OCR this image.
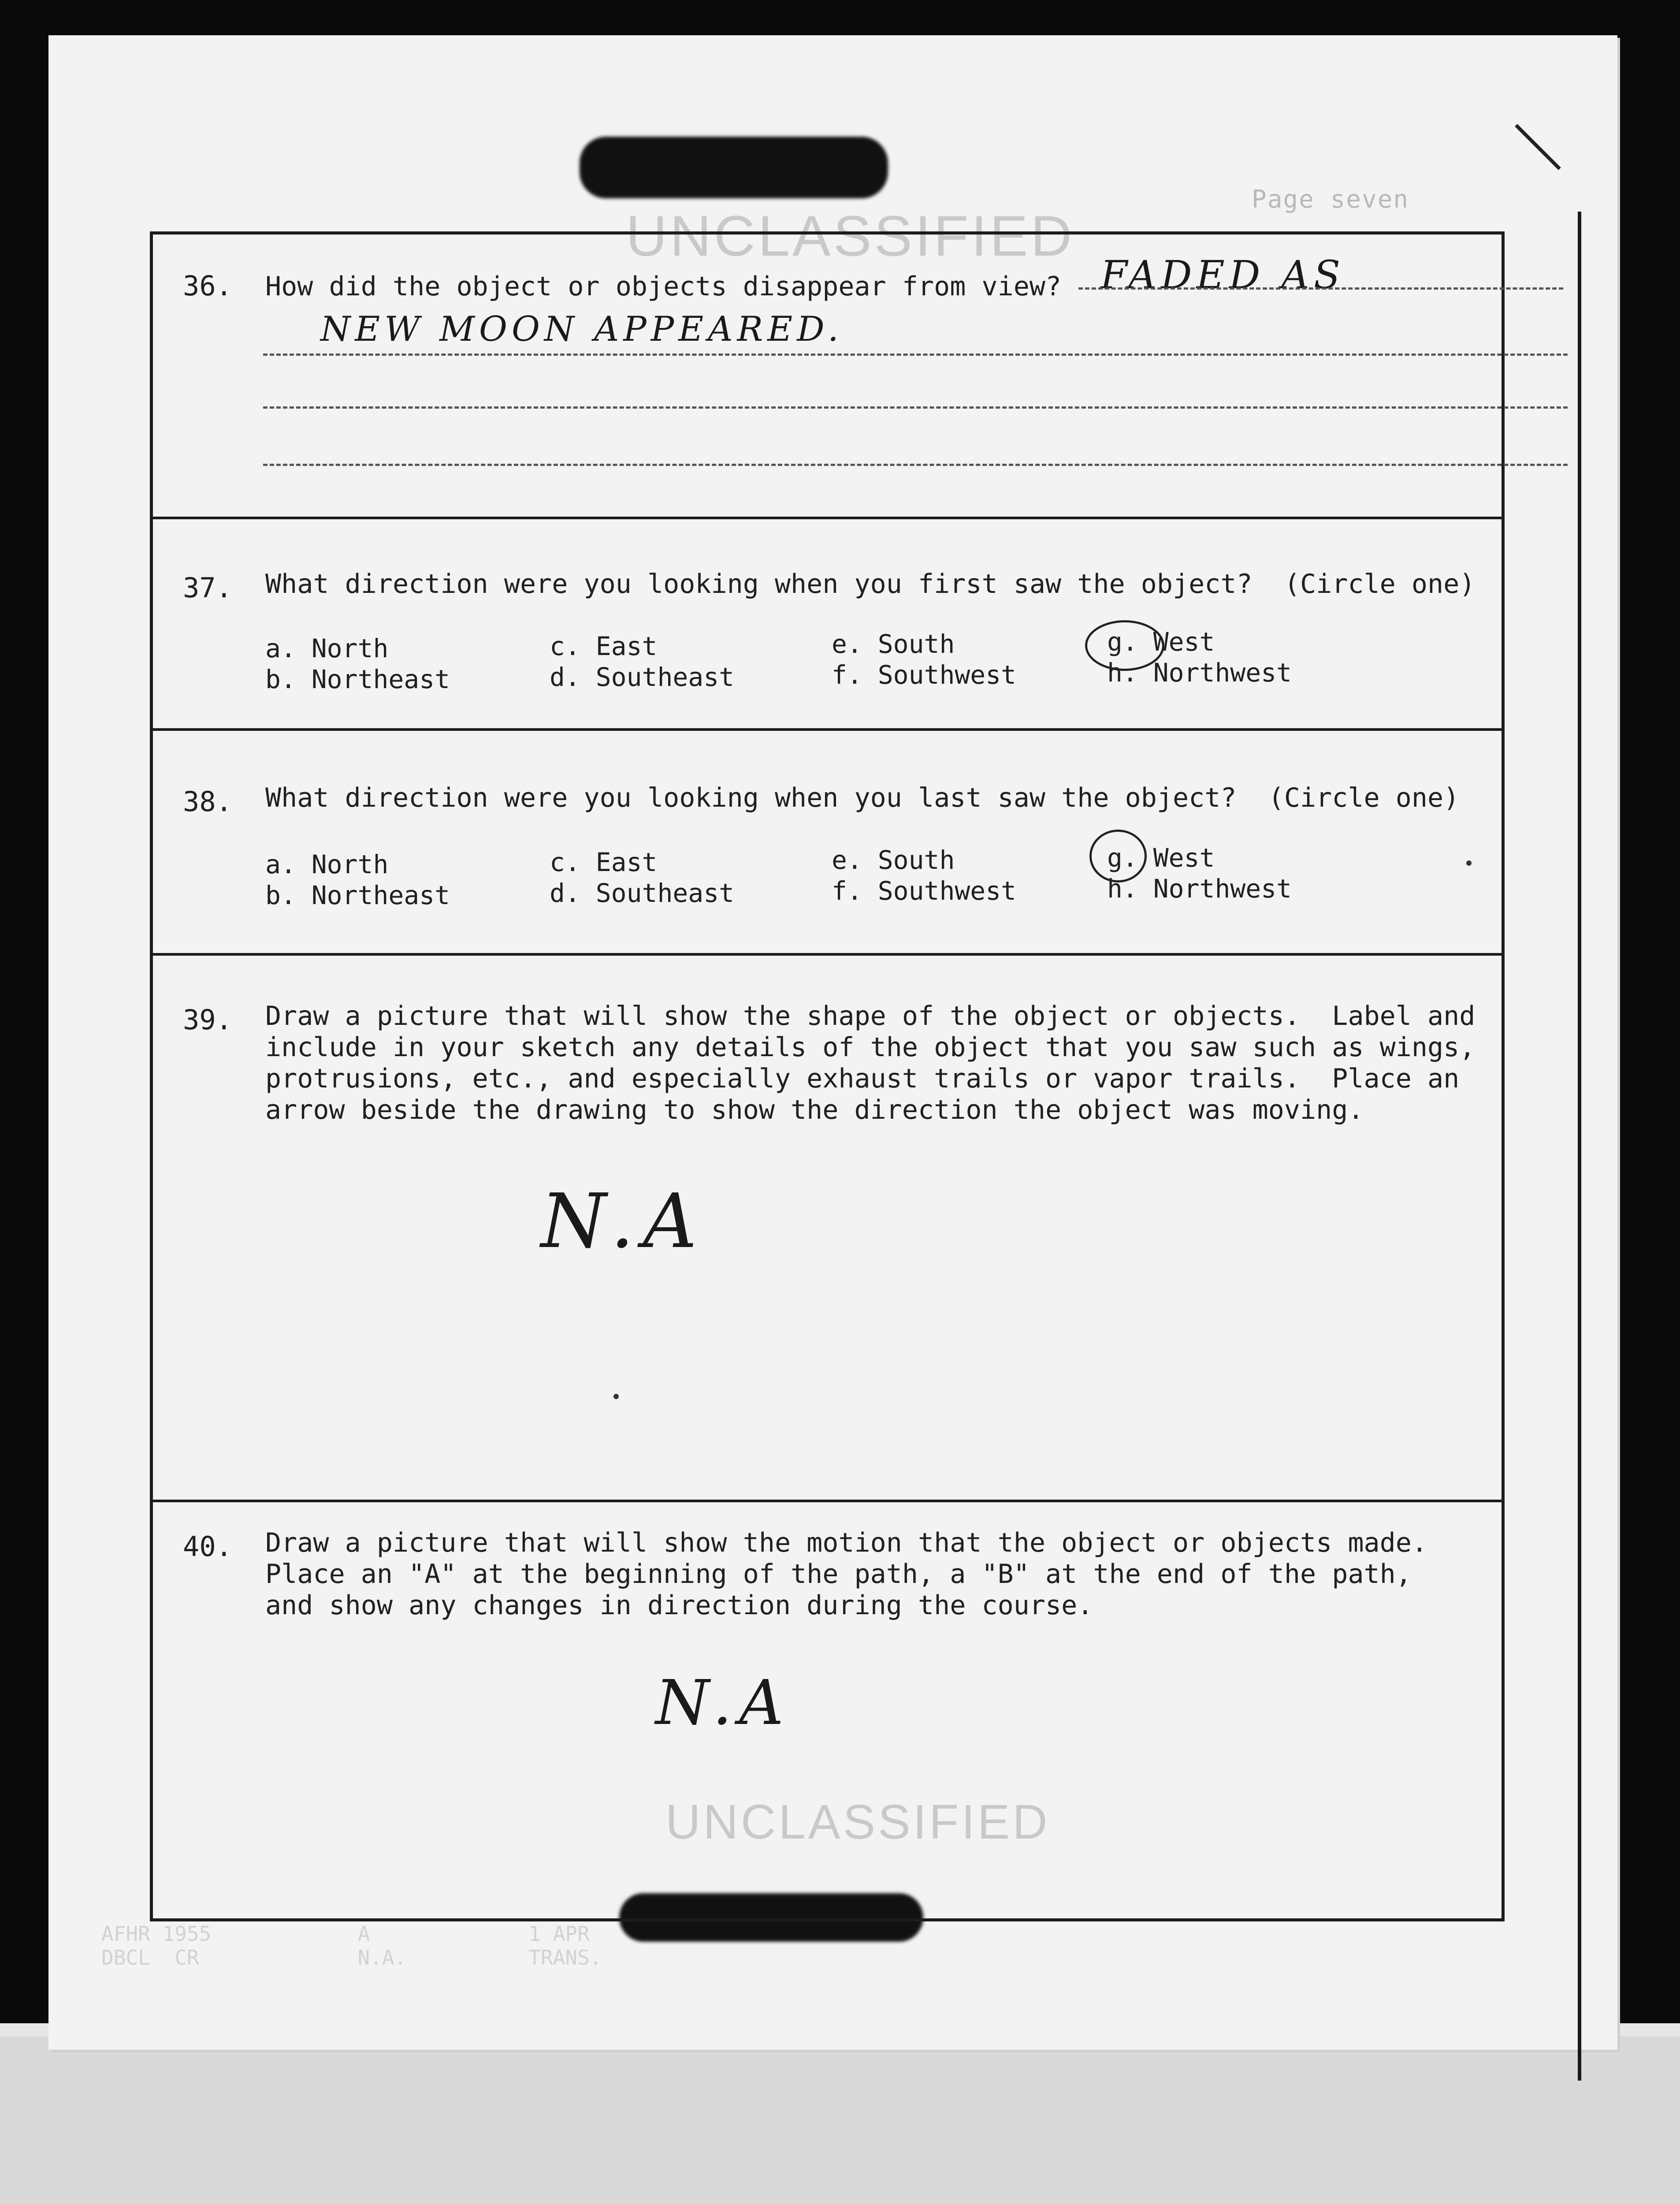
Page seven
UNCLASSIFIED
UNCLASSIFIED
AFHR 1955            A             1 APR
DBCL  CR             N.A.          TRANS.
36. How did the object or objects disappear from view? FADED AS
NEW MOON APPEARED.
37. What direction were you looking when you first saw the object?  (Circle one)
a. North
b. Northeast
c. East
d. Southeast
e. South
f. Southwest
g. West
h. Northwest
38. What direction were you looking when you last saw the object?  (Circle one)
a. North
b. Northeast
c. East
d. Southeast
e. South
f. Southwest
g. West
h. Northwest
39. Draw a picture that will show the shape of the object or objects.  Label and
include in your sketch any details of the object that you saw such as wings,
protrusions, etc., and especially exhaust trails or vapor trails.  Place an
arrow beside the drawing to show the direction the object was moving.
N.A
40. Draw a picture that will show the motion that the object or objects made.
Place an "A" at the beginning of the path, a "B" at the end of the path,
and show any changes in direction during the course.
N.A
